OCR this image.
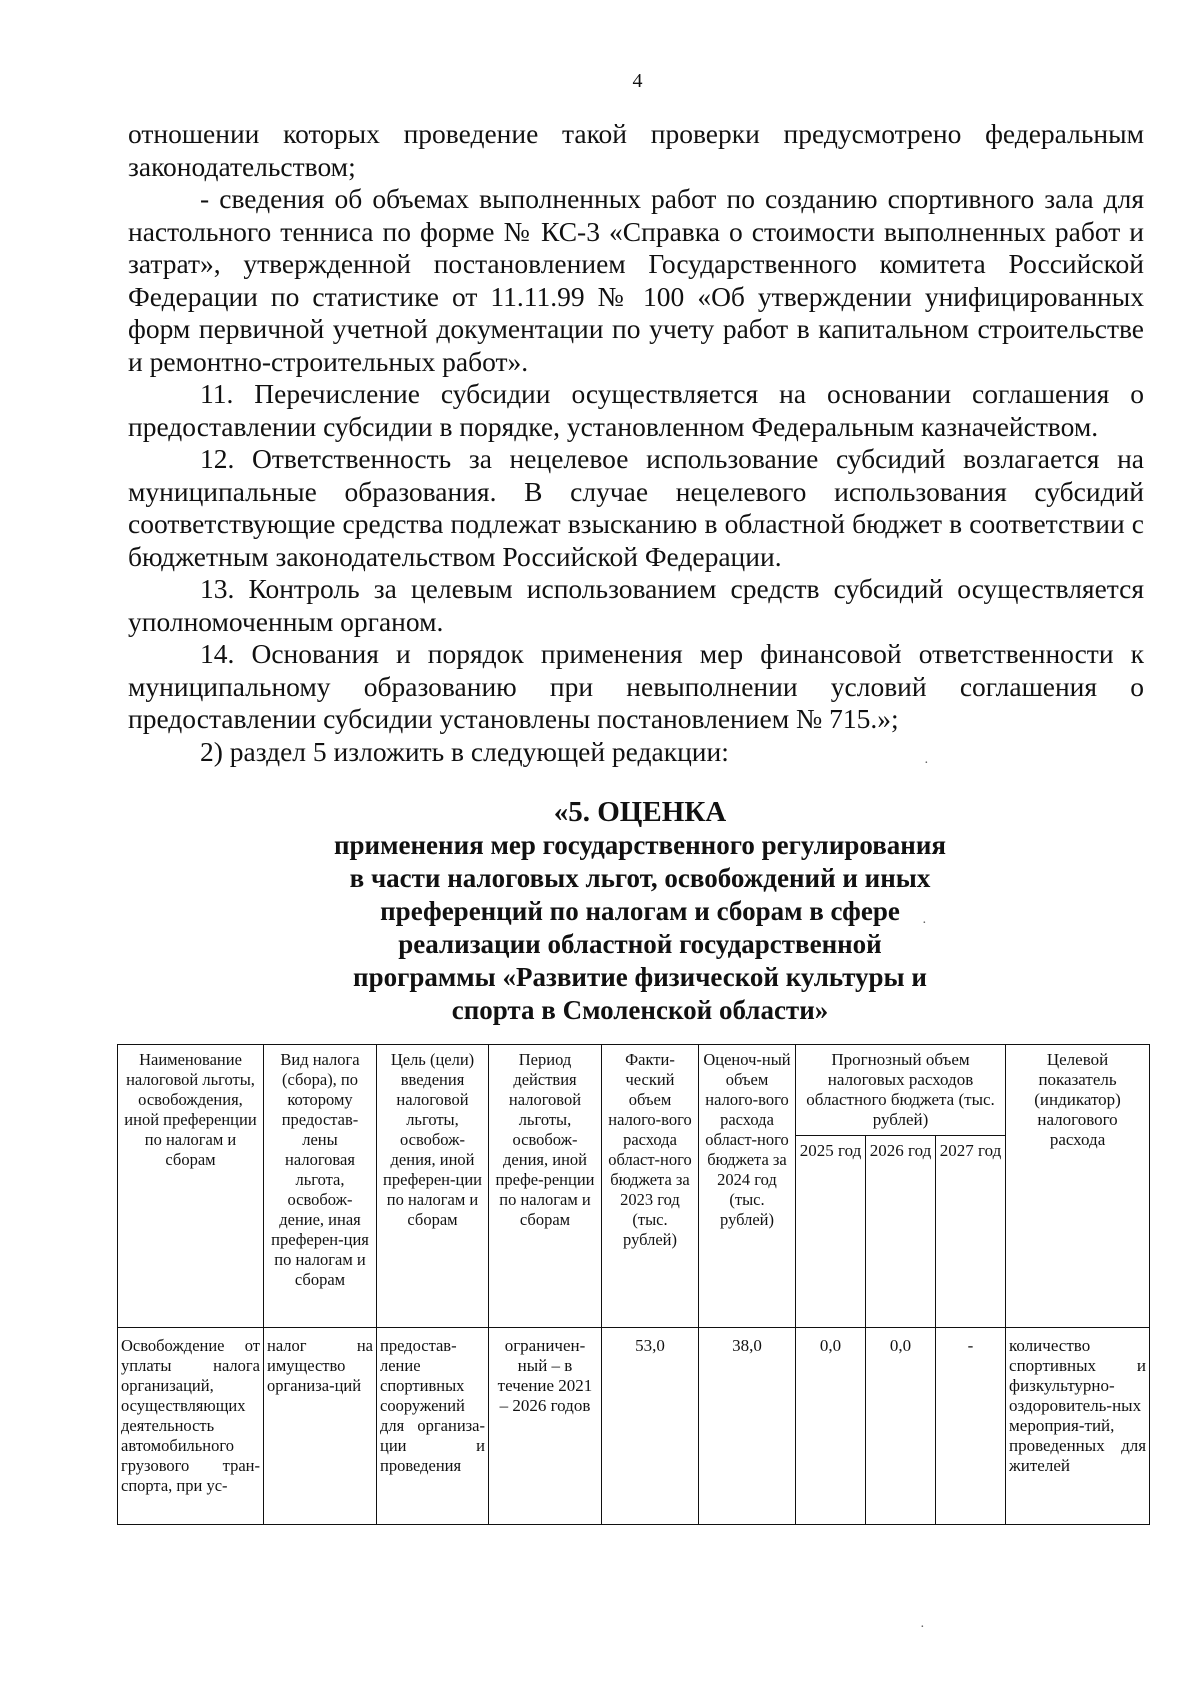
4

отношении которых проведение такой проверки предусмотрено федеральным законодательством;

- сведения об объемах выполненных работ по созданию спортивного зала для настольного тенниса по форме № КС-3 «Справка о стоимости выполненных работ и затрат», утвержденной постановлением Государственного комитета Российской Федерации по статистике от 11.11.99 № 100 «Об утверждении унифицированных форм первичной учетной документации по учету работ в капитальном строительстве и ремонтно-строительных работ».

11. Перечисление субсидии осуществляется на основании соглашения о предоставлении субсидии в порядке, установленном Федеральным казначейством.

12. Ответственность за нецелевое использование субсидий возлагается на муниципальные образования. В случае нецелевого использования субсидий соответствующие средства подлежат взысканию в областной бюджет в соответствии с бюджетным законодательством Российской Федерации.

13. Контроль за целевым использованием средств субсидий осуществляется уполномоченным органом.

14. Основания и порядок применения мер финансовой ответственности к муниципальному образованию при невыполнении условий соглашения о предоставлении субсидии установлены постановлением № 715.»;

2) раздел 5 изложить в следующей редакции:

«5. ОЦЕНКА
применения мер государственного регулирования
в части налоговых льгот, освобождений и иных
преференций по налогам и сборам в сфере
реализации областной государственной
программы «Развитие физической культуры и
спорта в Смоленской области»
Наименование налоговой льготы, освобождения, иной преференции по налогам и сборам	Вид налога (сбора), по которому предостав-лены налоговая льгота, освобож-дение, иная преферен-ция по налогам и сборам	Цель (цели) введения налоговой льготы, освобож-дения, иной преферен-ции по налогам и сборам	Период действия налоговой льготы, освобож-дения, иной префе-ренции по налогам и сборам	Факти-ческий объем налого-вого расхода област-ного бюджета за 2023 год (тыс. рублей)	Оценоч-ный объем налого-вого расхода област-ного бюджета за 2024 год (тыс. рублей)	Прогнозный объем налоговых расходов областного бюджета (тыс. рублей)			Целевой показатель (индикатор) налогового расхода
						2025 год	2026 год	2027 год	
Освобождение от уплаты налога организаций, осуществляющих деятельность автомобильного грузового тран-спорта, при ус-	налог на имущество организа-ций	предостав-ление спортивных сооружений для организа-ции и проведения	ограничен-ный – в течение 2021 – 2026 годов	53,0	38,0	0,0	0,0	-	количество спортивных и физкультурно-оздоровитель-ных мероприя-тий, проведенных для жителей
·
·
·
